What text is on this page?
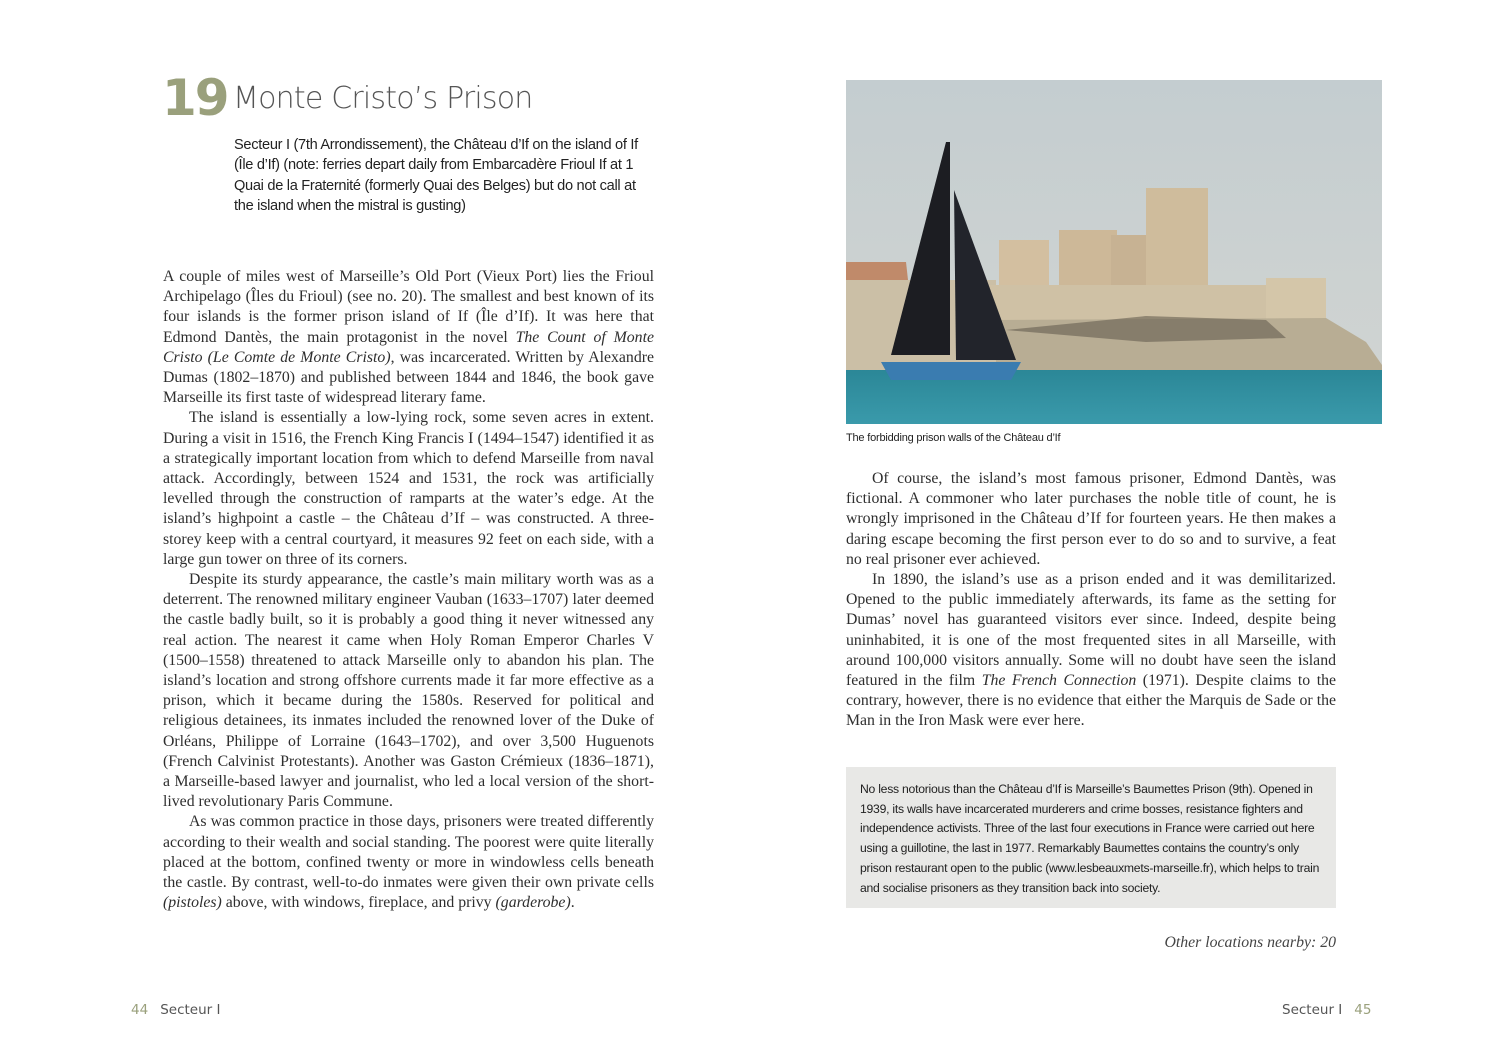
19 Monte Cristo’s Prison
Secteur I (7th Arrondissement), the Château d’If on the island of If (Île d’If) (note: ferries depart daily from Embarcadère Frioul If at 1 Quai de la Fraternité (formerly Quai des Belges) but do not call at the island when the mistral is gusting)

A couple of miles west of Marseille’s Old Port (Vieux Port) lies the Frioul Archipelago (Îles du Frioul) (see no. 20). The smallest and best known of its four islands is the former prison island of If (Île d’If). It was here that Edmond Dantès, the main protagonist in the novel The Count of Monte Cristo (Le Comte de Monte Cristo), was incarcerated. Written by Alexandre Dumas (1802–1870) and published between 1844 and 1846, the book gave Marseille its first taste of widespread literary fame.

The island is essentially a low-lying rock, some seven acres in extent. During a visit in 1516, the French King Francis I (1494–1547) identified it as a strategically important location from which to defend Marseille from naval attack. Accordingly, between 1524 and 1531, the rock was artificially levelled through the construction of ramparts at the water’s edge. At the island’s highpoint a castle – the Château d’If – was constructed. A three-storey keep with a central courtyard, it measures 92 feet on each side, with a large gun tower on three of its corners.

Despite its sturdy appearance, the castle’s main military worth was as a deterrent. The renowned military engineer Vauban (1633–1707) later deemed the castle badly built, so it is probably a good thing it never witnessed any real action. The nearest it came when Holy Roman Emperor Charles V (1500–1558) threatened to attack Marseille only to abandon his plan. The island’s location and strong offshore currents made it far more effective as a prison, which it became during the 1580s. Reserved for political and religious detainees, its inmates included the renowned lover of the Duke of Orléans, Philippe of Lorraine (1643–1702), and over 3,500 Huguenots (French Calvinist Protestants). Another was Gaston Crémieux (1836–1871), a Marseille-based lawyer and journalist, who led a local version of the short-lived revolutionary Paris Commune.

As was common practice in those days, prisoners were treated differently according to their wealth and social standing. The poorest were quite literally placed at the bottom, confined twenty or more in windowless cells beneath the castle. By contrast, well-to-do inmates were given their own private cells (pistoles) above, with windows, fireplace, and privy (garderobe).

44 Secteur I
The forbidding prison walls of the Château d’If

Of course, the island’s most famous prisoner, Edmond Dantès, was fictional. A commoner who later purchases the noble title of count, he is wrongly imprisoned in the Château d’If for fourteen years. He then makes a daring escape becoming the first person ever to do so and to survive, a feat no real prisoner ever achieved.

In 1890, the island’s use as a prison ended and it was demilitarized. Opened to the public immediately afterwards, its fame as the setting for Dumas’ novel has guaranteed visitors ever since. Indeed, despite being uninhabited, it is one of the most frequented sites in all Marseille, with around 100,000 visitors annually. Some will no doubt have seen the island featured in the film The French Connection (1971). Despite claims to the contrary, however, there is no evidence that either the Marquis de Sade or the Man in the Iron Mask were ever here.

No less notorious than the Château d’If is Marseille’s Baumettes Prison (9th). Opened in 1939, its walls have incarcerated murderers and crime bosses, resistance fighters and independence activists. Three of the last four executions in France were carried out here using a guillotine, the last in 1977. Remarkably Baumettes contains the country’s only prison restaurant open to the public (www.lesbeauxmets-marseille.fr), which helps to train and socialise prisoners as they transition back into society.
Other locations nearby: 20
Secteur I 45
